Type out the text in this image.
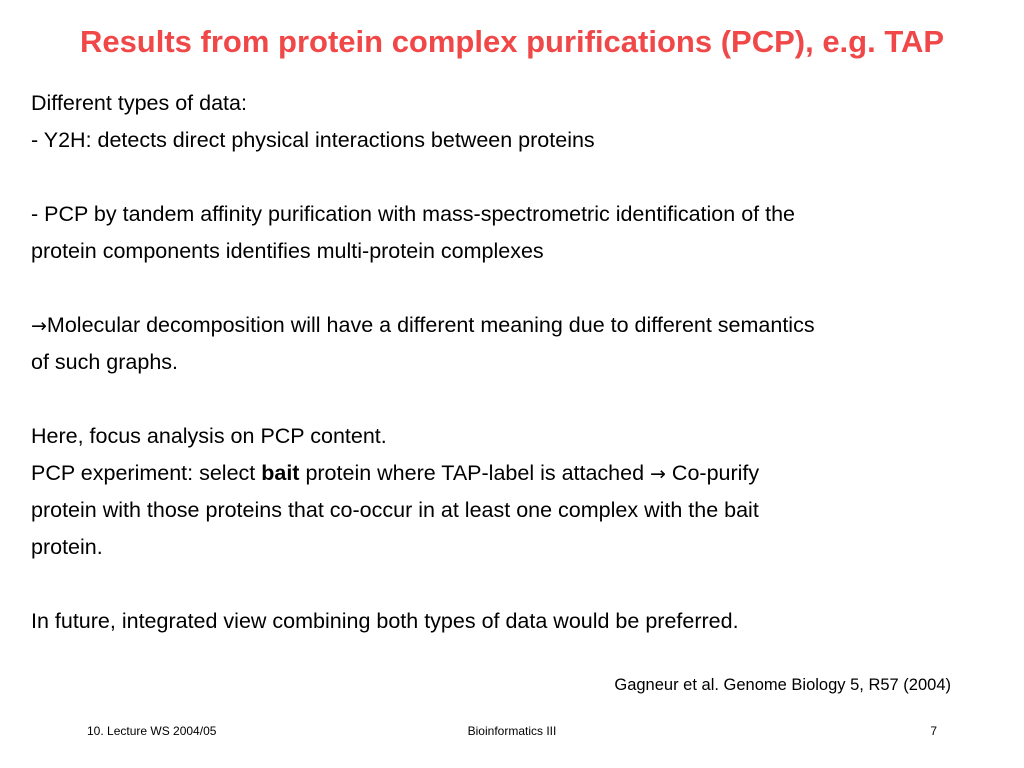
Results from protein complex purifications (PCP), e.g. TAP
Different types of data:
- Y2H: detects direct physical interactions between proteins
- PCP by tandem affinity purification with mass-spectrometric identification of the
protein components identifies multi-protein complexes
→Molecular decomposition will have a different meaning due to different semantics
of such graphs.
Here, focus analysis on PCP content.
PCP experiment: select bait protein where TAP-label is attached → Co-purify
protein with those proteins that co-occur in at least one complex with the bait
protein.
In future, integrated view combining both types of data would be preferred.
Gagneur et al. Genome Biology 5, R57 (2004)
10. Lecture WS 2004/05	Bioinformatics III	7
